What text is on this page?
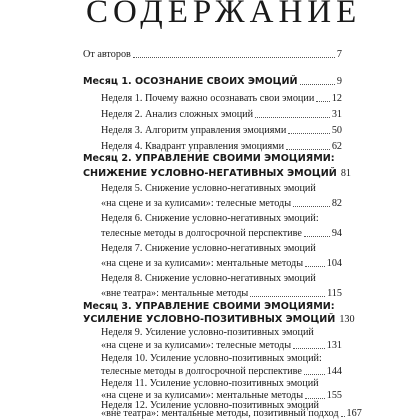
СОДЕРЖАНИЕ
От авторов	7
Месяц 1. ОСОЗНАНИЕ СВОИХ ЭМОЦИЙ	9
Неделя 1. Почему важно осознавать свои эмоции 12
Неделя 2. Анализ сложных эмоций	31
Неделя 3. Алгоритм управления эмоциями	50
Неделя 4. Квадрант управления эмоциями	62
Месяц 2. УПРАВЛЕНИЕ СВОИМИ ЭМОЦИЯМИ:
СНИЖЕНИЕ УСЛОВНО-НЕГАТИВНЫХ ЭМОЦИЙ 81
Неделя 5. Снижение условно-негативных эмоций
«на сцене и за кулисами»: телесные методы	82
Неделя 6. Снижение условно-негативных эмоций:
телесные методы в долгосрочной перспективе	94
Неделя 7. Снижение условно-негативных эмоций
«на сцене и за кулисами»: ментальные методы 104
Неделя 8. Снижение условно-негативных эмоций
«вне театра»: ментальные методы	115
Месяц 3. УПРАВЛЕНИЕ СВОИМИ ЭМОЦИЯМИ:
УСИЛЕНИЕ УСЛОВНО-ПОЗИТИВНЫХ ЭМОЦИЙ 130
Неделя 9. Усиление условно-позитивных эмоций
«на сцене и за кулисами»: телесные методы	131
Неделя 10. Усиление условно-позитивных эмоций:
телесные методы в долгосрочной перспективе 144
Неделя 11. Усиление условно-позитивных эмоций
«на сцене и за кулисами»: ментальные методы 155
Неделя 12. Усиление условно-позитивных эмоций
«вне театра»: ментальные методы, позитивный подход 167
